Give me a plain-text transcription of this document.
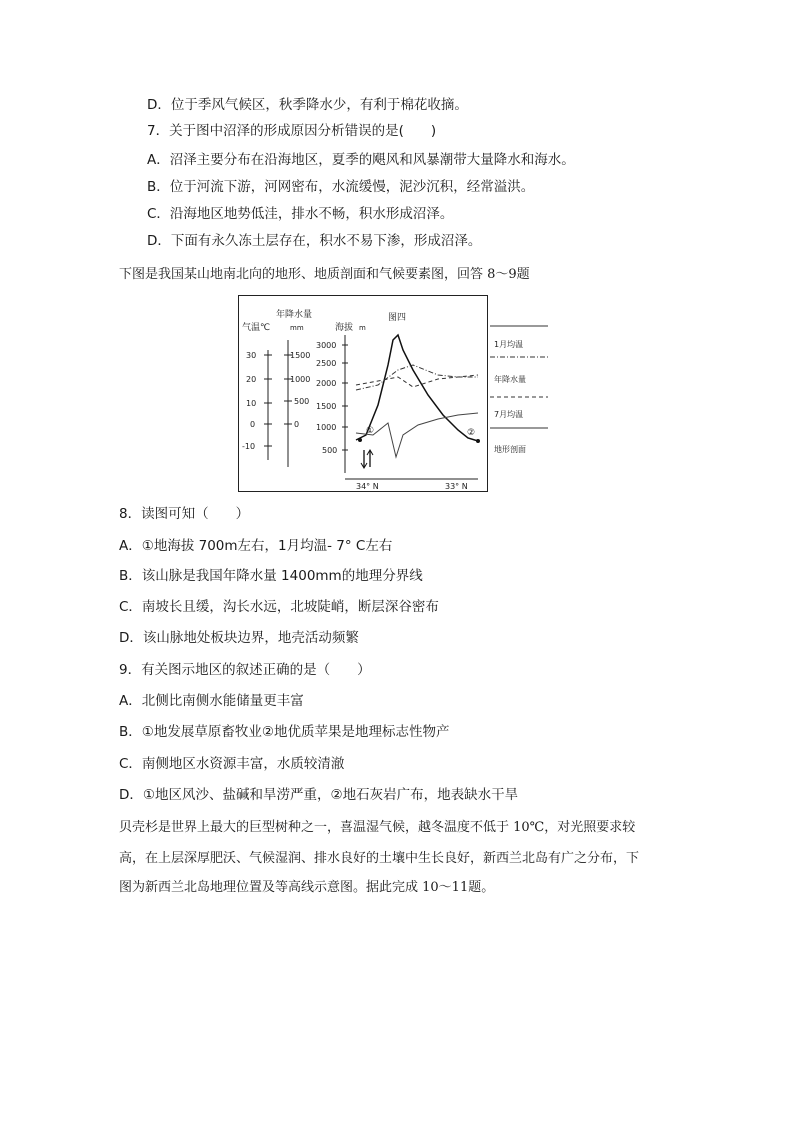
D．位于季风气候区，秋季降水少，有利于棉花收摘。
7．关于图中沼泽的形成原因分析错误的是(　　)
A．沼泽主要分布在沿海地区，夏季的飓风和风暴潮带大量降水和海水。
B．位于河流下游，河网密布，水流缓慢，泥沙沉积，经常溢洪。
C．沿海地区地势低洼，排水不畅，积水形成沼泽。
D．下面有永久冻土层存在，积水不易下渗，形成沼泽。
下图是我国某山地南北向的地形、地质剖面和气候要素图，回答 8～9题
图四
气温℃
年降水量
mm	海拔 m
30
20
10
0
-10
1500
1000
500
0
3000
2500
2000
1500
1000
500
34° N	33° N
①	②
1月均温
年降水量
7月均温
地形剖面
8．读图可知（　　）
A．①地海拔 700m左右，1月均温- 7° C左右
B．该山脉是我国年降水量 1400mm的地理分界线
C．南坡长且缓，沟长水远，北坡陡峭，断层深谷密布
D．该山脉地处板块边界，地壳活动频繁
9．有关图示地区的叙述正确的是（　　）
A．北侧比南侧水能储量更丰富
B．①地发展草原畜牧业②地优质苹果是地理标志性物产
C．南侧地区水资源丰富，水质较清澈
D．①地区风沙、盐碱和旱涝严重，②地石灰岩广布，地表缺水干旱
贝壳杉是世界上最大的巨型树种之一，喜温湿气候，越冬温度不低于 10℃，对光照要求较
高，在上层深厚肥沃、气候湿润、排水良好的土壤中生长良好，新西兰北岛有广之分布，下
图为新西兰北岛地理位置及等高线示意图。据此完成 10～11题。
